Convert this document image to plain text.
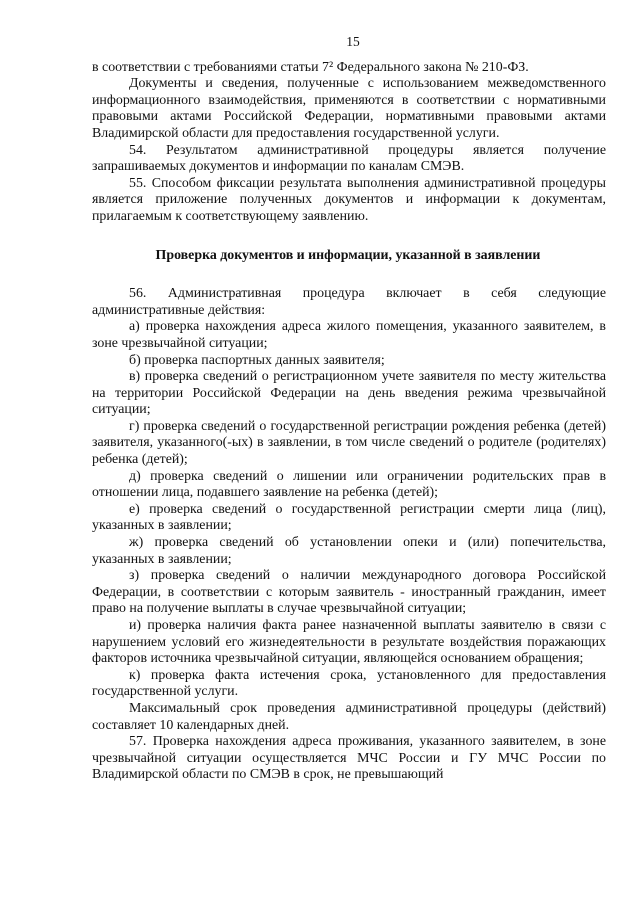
15

в соответствии с требованиями статьи 7² Федерального закона № 210-ФЗ.

Документы и сведения, полученные с использованием межведомственного информационного взаимодействия, применяются в соответствии с нормативными правовыми актами Российской Федерации, нормативными правовыми актами Владимирской области для предоставления государственной услуги.

54. Результатом административной процедуры является получение запрашиваемых документов и информации по каналам СМЭВ.

55. Способом фиксации результата выполнения административной процедуры является приложение полученных документов и информации к документам, прилагаемым к соответствующему заявлению.

Проверка документов и информации, указанной в заявлении

56. Административная процедура включает в себя следующие административные действия:

а) проверка нахождения адреса жилого помещения, указанного заявителем, в зоне чрезвычайной ситуации;

б) проверка паспортных данных заявителя;

в) проверка сведений о регистрационном учете заявителя по месту жительства на территории Российской Федерации на день введения режима чрезвычайной ситуации;

г) проверка сведений о государственной регистрации рождения ребенка (детей) заявителя, указанного(-ых) в заявлении, в том числе сведений о родителе (родителях) ребенка (детей);

д) проверка сведений о лишении или ограничении родительских прав в отношении лица, подавшего заявление на ребенка (детей);

е) проверка сведений о государственной регистрации смерти лица (лиц), указанных в заявлении;

ж) проверка сведений об установлении опеки и (или) попечительства, указанных в заявлении;

з) проверка сведений о наличии международного договора Российской Федерации, в соответствии с которым заявитель - иностранный гражданин, имеет право на получение выплаты в случае чрезвычайной ситуации;

и) проверка наличия факта ранее назначенной выплаты заявителю в связи с нарушением условий его жизнедеятельности в результате воздействия поражающих факторов источника чрезвычайной ситуации, являющейся основанием обращения;

к) проверка факта истечения срока, установленного для предоставления государственной услуги.

Максимальный срок проведения административной процедуры (действий) составляет 10 календарных дней.

57. Проверка нахождения адреса проживания, указанного заявителем, в зоне чрезвычайной ситуации осуществляется МЧС России и ГУ МЧС России по Владимирской области по СМЭВ в срок, не превышающий
